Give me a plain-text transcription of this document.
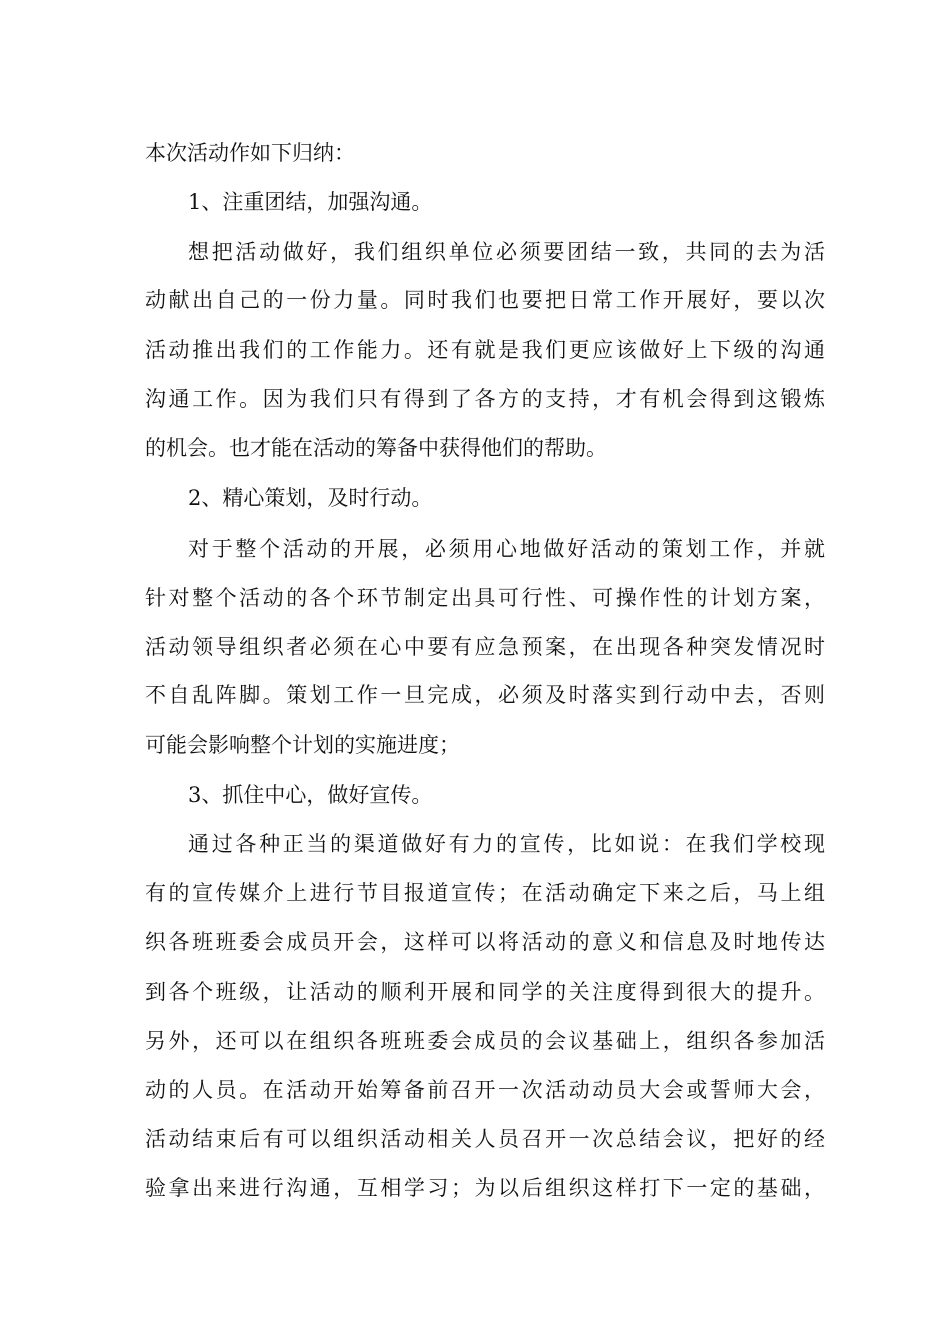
本次活动作如下归纳：

1、注重团结，加强沟通。

想把活动做好，我们组织单位必须要团结一致，共同的去为活

动献出自己的一份力量。同时我们也要把日常工作开展好，要以次

活动推出我们的工作能力。还有就是我们更应该做好上下级的沟通

沟通工作。因为我们只有得到了各方的支持，才有机会得到这锻炼

的机会。也才能在活动的筹备中获得他们的帮助。

2、精心策划，及时行动。

对于整个活动的开展，必须用心地做好活动的策划工作，并就

针对整个活动的各个环节制定出具可行性、可操作性的计划方案，

活动领导组织者必须在心中要有应急预案，在出现各种突发情况时

不自乱阵脚。策划工作一旦完成，必须及时落实到行动中去，否则

可能会影响整个计划的实施进度；

3、抓住中心，做好宣传。

通过各种正当的渠道做好有力的宣传，比如说：在我们学校现

有的宣传媒介上进行节目报道宣传；在活动确定下来之后，马上组

织各班班委会成员开会，这样可以将活动的意义和信息及时地传达

到各个班级，让活动的顺利开展和同学的关注度得到很大的提升。

另外，还可以在组织各班班委会成员的会议基础上，组织各参加活

动的人员。在活动开始筹备前召开一次活动动员大会或誓师大会，

活动结束后有可以组织活动相关人员召开一次总结会议，把好的经

验拿出来进行沟通，互相学习；为以后组织这样打下一定的基础，
